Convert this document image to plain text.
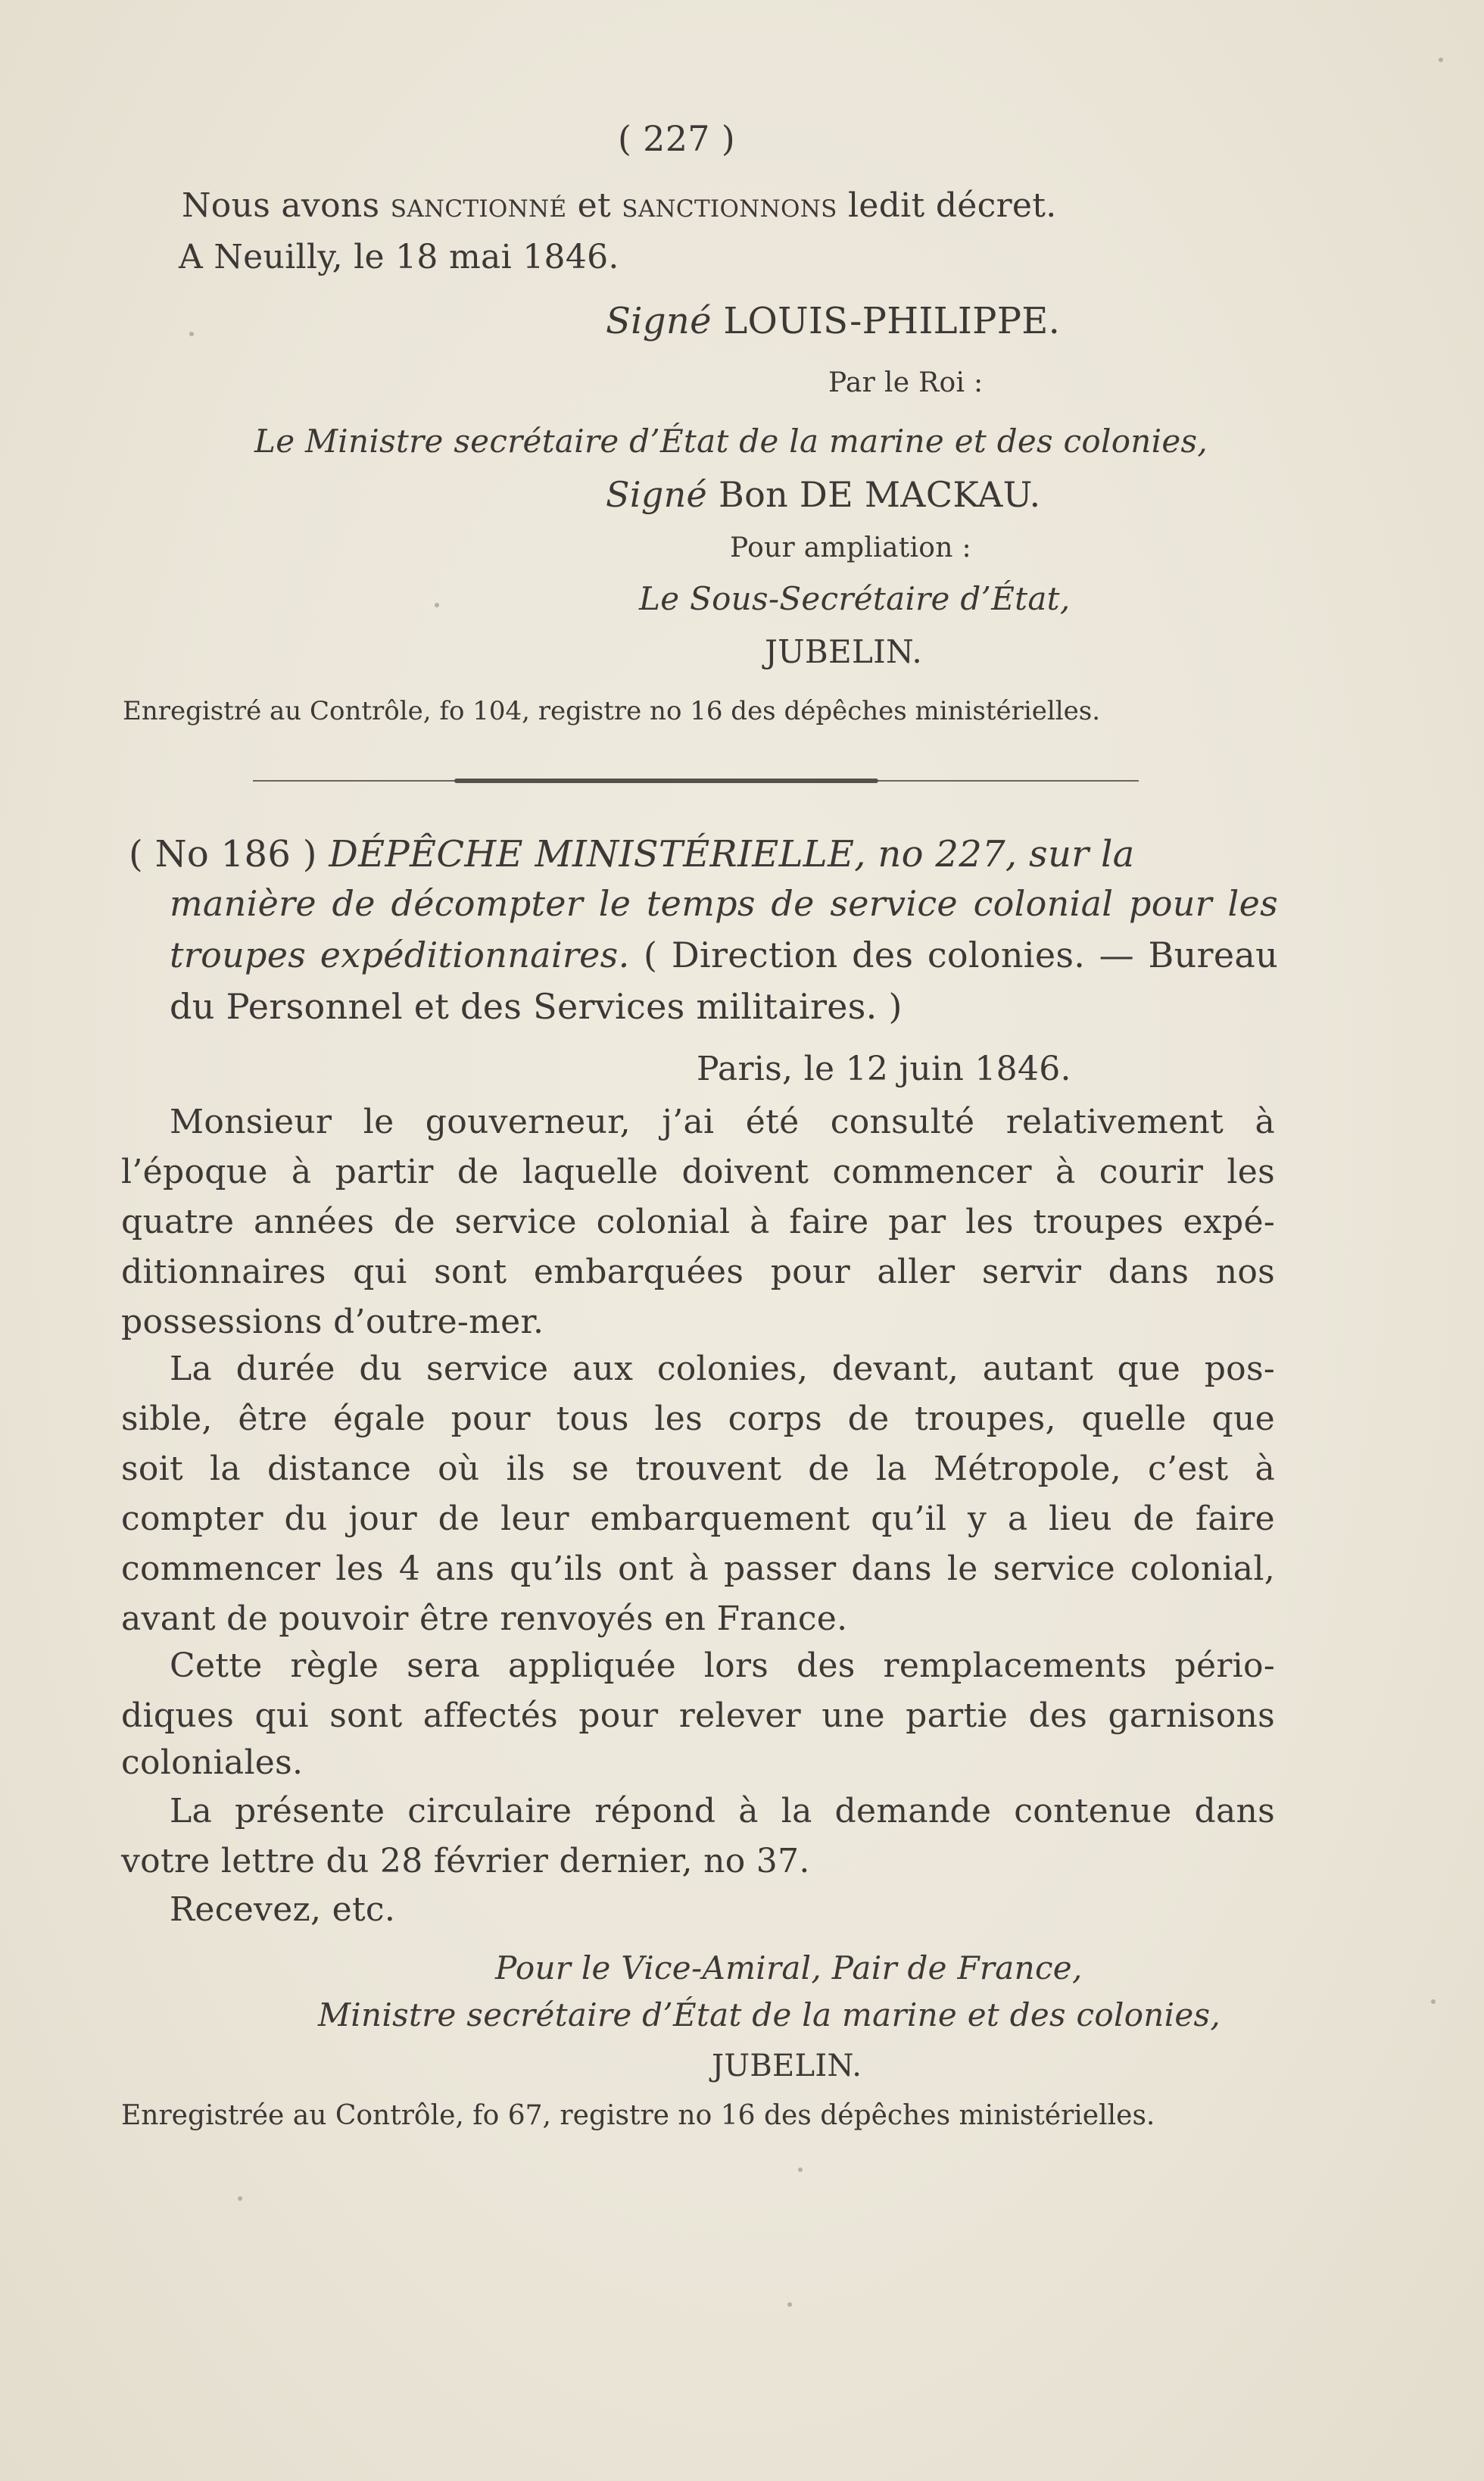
( 227 )
Nous avons sanctionné et sanctionnons ledit décret.
A Neuilly, le 18 mai 1846.
Signé LOUIS-PHILIPPE.
Par le Roi :
Le Ministre secrétaire d’État de la marine et des colonies,
Signé Bon DE MACKAU.
Pour ampliation :
Le Sous-Secrétaire d’État,
JUBELIN.
Enregistré au Contrôle, fo 104, registre no 16 des dépêches ministérielles.
( No 186 ) DÉPÊCHE MINISTÉRIELLE, no 227, sur la
manière de décompter le temps de service colonial pour les
troupes expéditionnaires. ( Direction des colonies. — Bureau
du Personnel et des Services militaires. )
Paris, le 12 juin 1846.
Monsieur le gouverneur, j’ai été consulté relativement à
l’époque à partir de laquelle doivent commencer à courir les
quatre années de service colonial à faire par les troupes expé-
ditionnaires qui sont embarquées pour aller servir dans nos
possessions d’outre-mer.
La durée du service aux colonies, devant, autant que pos-
sible, être égale pour tous les corps de troupes, quelle que
soit la distance où ils se trouvent de la Métropole, c’est à
compter du jour de leur embarquement qu’il y a lieu de faire
commencer les 4 ans qu’ils ont à passer dans le service colonial,
avant de pouvoir être renvoyés en France.
Cette règle sera appliquée lors des remplacements pério-
diques qui sont affectés pour relever une partie des garnisons
coloniales.
La présente circulaire répond à la demande contenue dans
votre lettre du 28 février dernier, no 37.
Recevez, etc.
Pour le Vice-Amiral, Pair de France,
Ministre secrétaire d’État de la marine et des colonies,
JUBELIN.
Enregistrée au Contrôle, fo 67, registre no 16 des dépêches ministérielles.
